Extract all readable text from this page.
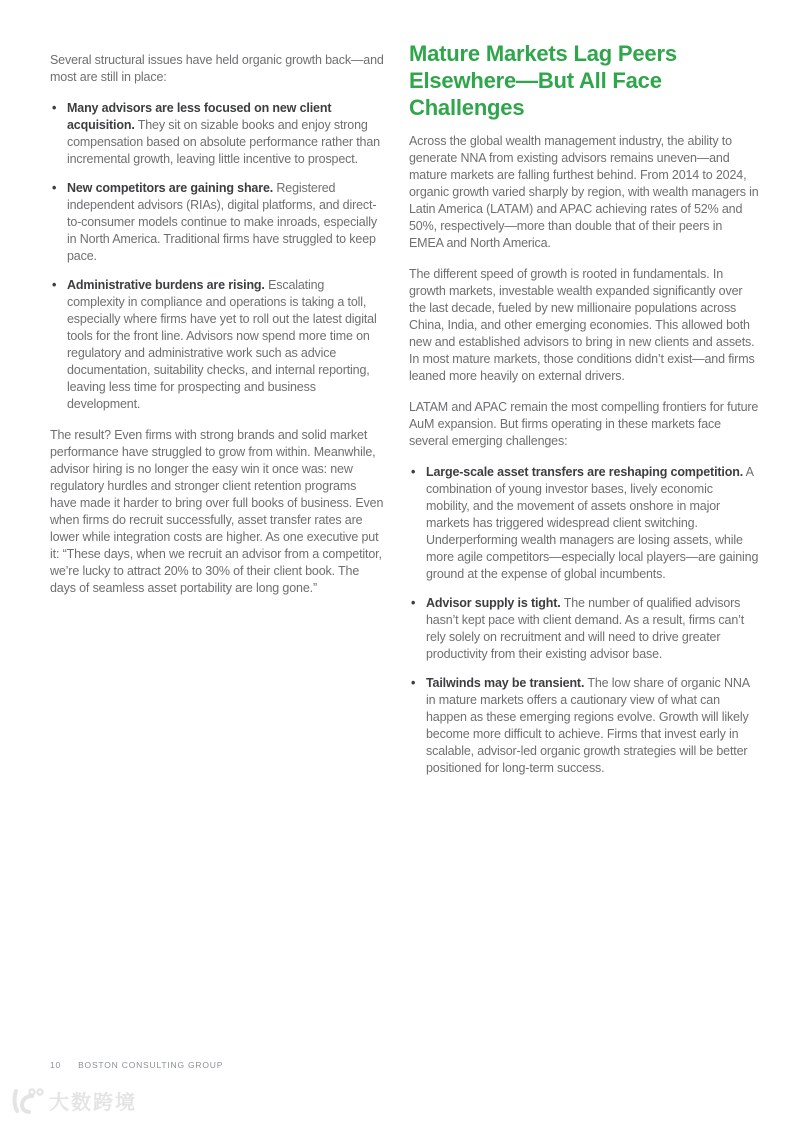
Several structural issues have held organic growth back—and most are still in place:

• Many advisors are less focused on new client acquisition. They sit on sizable books and enjoy strong compensation based on absolute performance rather than incremental growth, leaving little incentive to prospect.
• New competitors are gaining share. Registered independent advisors (RIAs), digital platforms, and direct-to-consumer models continue to make inroads, especially in North America. Traditional firms have struggled to keep pace.
• Administrative burdens are rising. Escalating complexity in compliance and operations is taking a toll, especially where firms have yet to roll out the latest digital tools for the front line. Advisors now spend more time on regulatory and administrative work such as advice documentation, suitability checks, and internal reporting, leaving less time for prospecting and business development.

The result? Even firms with strong brands and solid market performance have struggled to grow from within. Meanwhile, advisor hiring is no longer the easy win it once was: new regulatory hurdles and stronger client retention programs have made it harder to bring over full books of business. Even when firms do recruit successfully, asset transfer rates are lower while integration costs are higher. As one executive put it: “These days, when we recruit an advisor from a competitor, we’re lucky to attract 20% to 30% of their client book. The days of seamless asset portability are long gone.”

Mature Markets Lag Peers Elsewhere—But All Face Challenges

Across the global wealth management industry, the ability to generate NNA from existing advisors remains uneven—and mature markets are falling furthest behind. From 2014 to 2024, organic growth varied sharply by region, with wealth managers in Latin America (LATAM) and APAC achieving rates of 52% and 50%, respectively—more than double that of their peers in EMEA and North America.

The different speed of growth is rooted in fundamentals. In growth markets, investable wealth expanded significantly over the last decade, fueled by new millionaire populations across China, India, and other emerging economies. This allowed both new and established advisors to bring in new clients and assets. In most mature markets, those conditions didn’t exist—and firms leaned more heavily on external drivers.

LATAM and APAC remain the most compelling frontiers for future AuM expansion. But firms operating in these markets face several emerging challenges:

• Large-scale asset transfers are reshaping competition. A combination of young investor bases, lively economic mobility, and the movement of assets onshore in major markets has triggered widespread client switching. Underperforming wealth managers are losing assets, while more agile competitors—especially local players—are gaining ground at the expense of global incumbents.
• Advisor supply is tight. The number of qualified advisors hasn’t kept pace with client demand. As a result, firms can’t rely solely on recruitment and will need to drive greater productivity from their existing advisor base.
• Tailwinds may be transient. The low share of organic NNA in mature markets offers a cautionary view of what can happen as these emerging regions evolve. Growth will likely become more difficult to achieve. Firms that invest early in scalable, advisor-led organic growth strategies will be better positioned for long-term success.
10 BOSTON CONSULTING GROUP
大数跨境
